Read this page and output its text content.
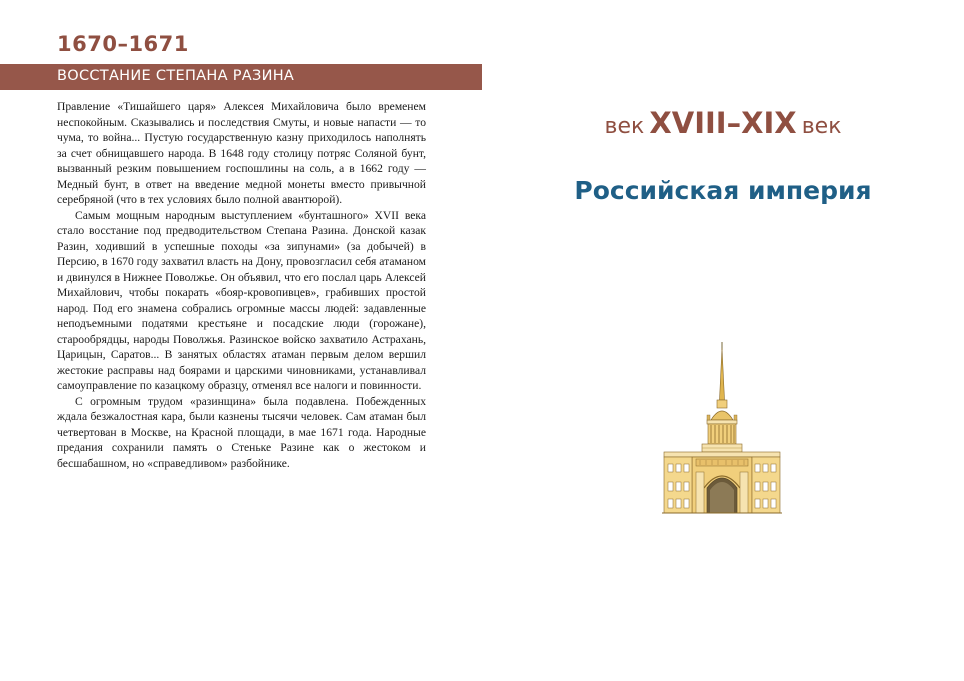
1670–1671
ВОССТАНИЕ СТЕПАНА РАЗИНА

Правление «Тишайшего царя» Алексея Михайловича было временем неспокойным. Сказывались и последствия Смуты, и новые напасти — то чума, то война... Пустую государственную казну приходилось наполнять за счет обнищавшего народа. В 1648 году столицу потряс Соляной бунт, вызванный резким повышением госпошлины на соль, а в 1662 году — Медный бунт, в ответ на введение медной монеты вместо привычной серебряной (что в тех условиях было полной авантюрой).

Самым мощным народным выступлением «бунташного» XVII века стало восстание под предводительством Степана Разина. Донской казак Разин, ходивший в успешные походы «за зипунами» (за добычей) в Персию, в 1670 году захватил власть на Дону, провозгласил себя атаманом и двинулся в Нижнее Поволжье. Он объявил, что его послал царь Алексей Михайлович, чтобы покарать «бояр-кровопивцев», грабивших простой народ. Под его знамена собрались огромные массы людей: задавленные неподъемными податями крестьяне и посадские люди (горожане), старообрядцы, народы Поволжья. Разинское войско захватило Астрахань, Царицын, Саратов... В занятых областях атаман первым делом вершил жестокие расправы над боярами и царскими чиновниками, устанавливал самоуправление по казацкому образцу, отменял все налоги и повинности.

С огромным трудом «разинщина» была подавлена. Побежденных ждала безжалостная кара, были казнены тысячи человек. Сам атаман был четвертован в Москве, на Красной площади, в мае 1671 года. Народные предания сохранили память о Стеньке Разине как о жестоком и бесшабашном, но «справедливом» разбойнике.

век XVIII–XIX век
Российская империя
